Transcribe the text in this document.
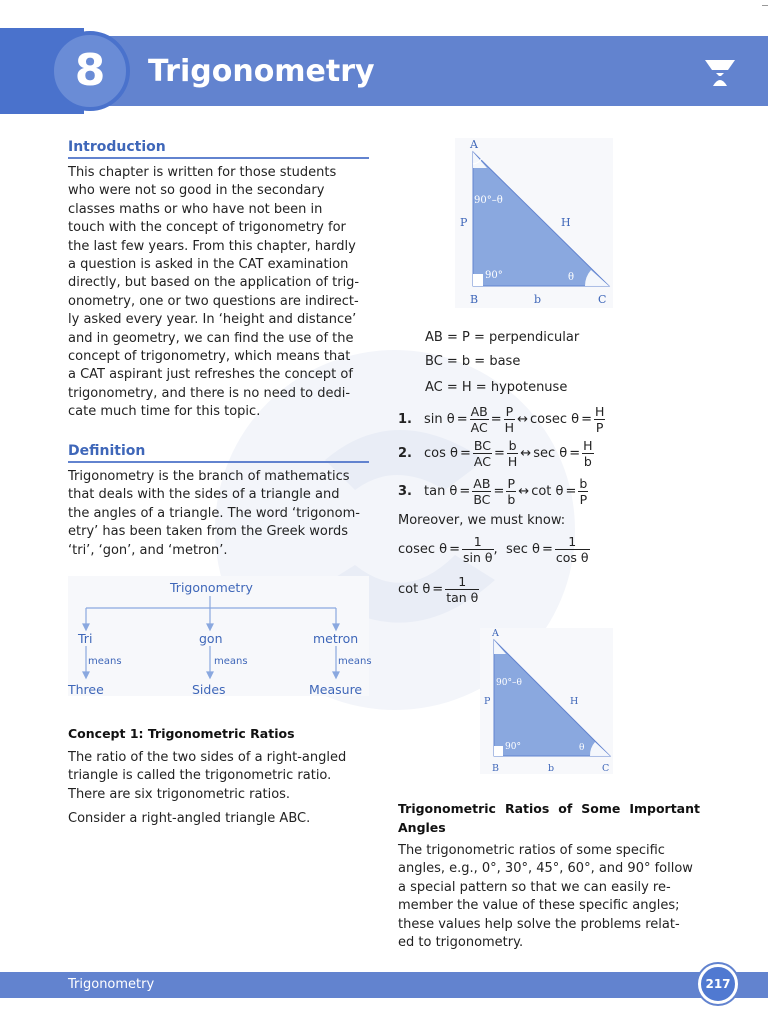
8	Trigonometry
Introduction
This chapter is written for those students
who were not so good in the secondary
classes maths or who have not been in
touch with the concept of trigonometry for
the last few years. From this chapter, hardly
a question is asked in the CAT examination
directly, but based on the application of trig-
onometry, one or two questions are indirect-
ly asked every year. In ‘height and distance’
and in geometry, we can find the use of the
concept of trigonometry, which means that
a CAT aspirant just refreshes the concept of
trigonometry, and there is no need to dedi-
cate much time for this topic.
Definition
Trigonometry is the branch of mathematics
that deals with the sides of a triangle and
the angles of a triangle. The word ‘trigonom-
etry’ has been taken from the Greek words
‘tri’, ‘gon’, and ‘metron’.
Trigonometry
Tri	gon	metron
means	means	means
Three	Sides	Measure
Concept 1: Trigonometric Ratios
The ratio of the two sides of a right-angled
triangle is called the trigonometric ratio.
There are six trigonometric ratios.
Consider a right-angled triangle ABC.
A
B	C
P	H
b
90°–θ
90°	θ
AB = P = perpendicular
BC = b = base
AC = H = hypotenuse
1. $\sin \theta = \frac{AB}{AC} = \frac{P}{H}$ ↔ cosec $\theta = \frac{H}{P}$
2. $\cos \theta = \frac{BC}{AC} = \frac{b}{H}$ ↔ $\sec \theta = \frac{H}{b}$
3. $\tan \theta = \frac{AB}{BC} = \frac{P}{b}$ ↔ $\cot \theta = \frac{b}{P}$
Moreover, we must know:
cosec $\theta = \frac{1}{\text{sin θ}}$ , $\sec \theta = \frac{1}{\text{cos θ}}$
$\cot \theta = \frac{1}{\text{tan θ}}$
A
B	C
P	H
b
90°–θ
90°	θ
Trigonometric Ratios of Some Important
Angles
The trigonometric ratios of some specific
angles, e.g., 0°, 30°, 45°, 60°, and 90° follow
a special pattern so that we can easily re-
member the value of these specific angles;
these values help solve the problems relat-
ed to trigonometry.
Trigonometry	217
